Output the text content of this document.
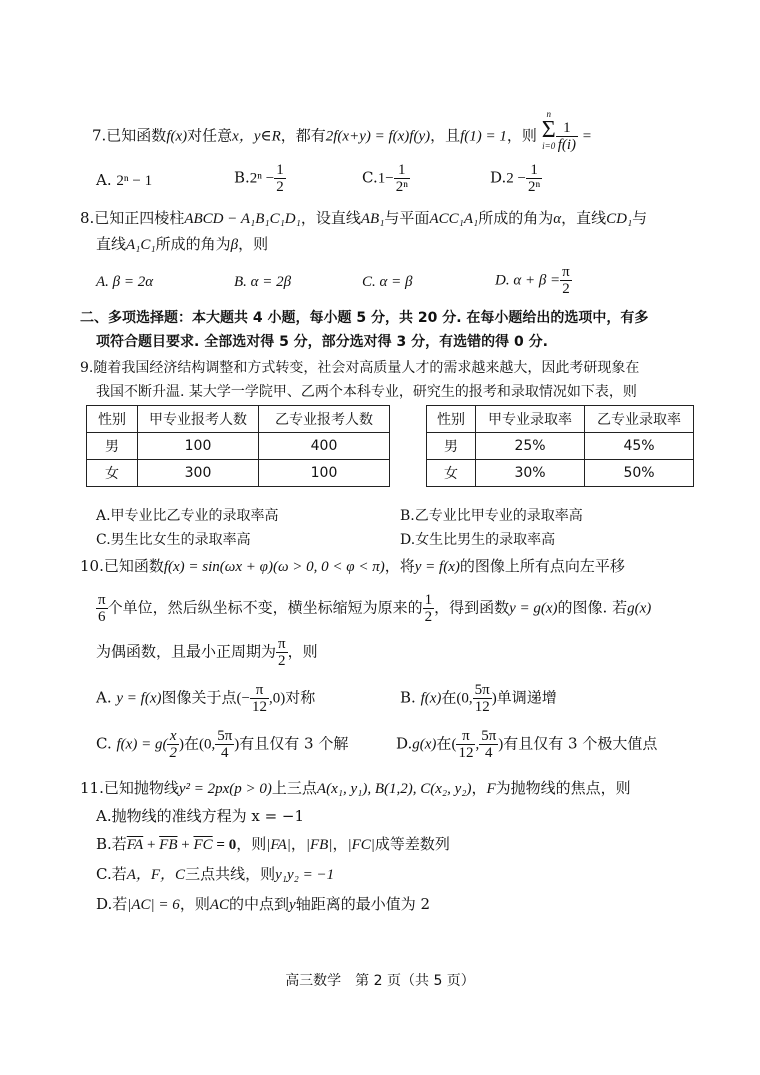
7.已知函数f(x)对任意x，y∈R，都有2f(x+y) = f(x)f(y)，且f(1) = 1，则
n
Σ
$i=0 \frac{1}{f(i)}$ =
A. 2ⁿ − 1	$B.2^n - \frac{1}{2}$	$C.1- \frac{1}{\text{2ⁿ}}$	$D.2 - \frac{1}{\text{2ⁿ}}$
8.已知正四棱柱ABCD − A₁B₁C₁D₁，设直线AB₁与平面ACC₁A₁所成的角为α，直线CD₁与
直线A₁C₁所成的角为β，则
A. β = 2α	B. α = 2β	C. α = β	D. $\alpha + \beta = \frac{\pi}{2}$
二、多项选择题：本大题共 4 小题，每小题 5 分，共 20 分. 在每小题给出的选项中，有多
项符合题目要求. 全部选对得 5 分，部分选对得 3 分，有选错的得 0 分.
9.随着我国经济结构调整和方式转变，社会对高质量人才的需求越来越大，因此考研现象在
我国不断升温. 某大学一学院甲、乙两个本科专业，研究生的报考和录取情况如下表，则
性别	甲专业报考人数	乙专业报考人数
男	100	400
女	300	100
性别	甲专业录取率	乙专业录取率
男	25%	45%
女	30%	50%
A.甲专业比乙专业的录取率高	B.乙专业比甲专业的录取率高
C.男生比女生的录取率高	D.女生比男生的录取率高
10.已知函数f(x) = sin(ωx + φ)(ω > 0, 0 < φ < π)，将y = f(x)的图像上所有点向左平移
$\frac{\pi}{6}$ 个单位，然后纵坐标不变，横坐标缩短为原来的 $\frac{1}{2}$ ，得到函数y = g(x)的图像. 若g(x)
为偶函数，且最小正周期为 $\frac{\pi}{2}$ ，则
A. y = f(x)图像关于点(− $\frac{\pi}{12} ,0$)对称	B. f(x)在(0, $\frac{5\pi}{12}$ )单调递增
C. $f(x) = g( \frac{x}{2}$ )在(0, $\frac{5\pi}{4}$ )有且仅有 3 个解	D.g(x)在( $\frac{\pi}{12}$ , $\frac{5\pi}{4}$ )有且仅有 3 个极大值点
11.已知抛物线y² = 2px(p > 0)上三点A(x₁, y₁), B(1,2), C(x₂, y₂)，F为抛物线的焦点，则
A.抛物线的准线方程为 x = −1
B.若$\overline{FA} + \overline{FB} + \overline{FC} = 0$，则|FA|，|FB|，|FC|成等差数列
C.若A，F，C三点共线，则y₁y₂ = −1
D.若|AC| = 6，则AC的中点到y轴距离的最小值为 2
高三数学　第 2 页（共 5 页）
